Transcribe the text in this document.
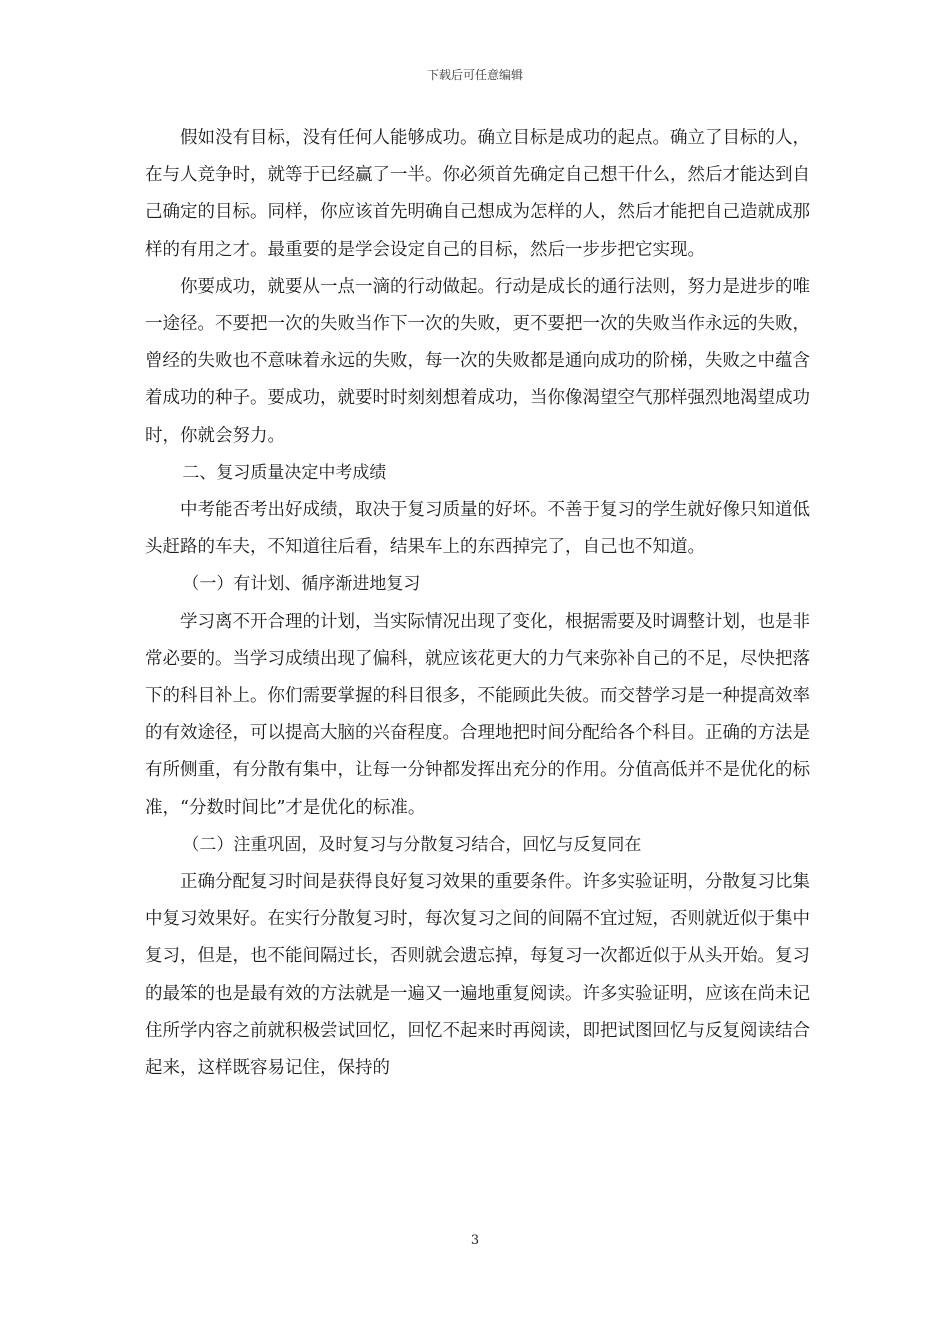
下载后可任意编辑

假如没有目标，没有任何人能够成功。确立目标是成功的起点。确立了目标的人，在与人竞争时，就等于已经赢了一半。你必须首先确定自己想干什么，然后才能达到自己确定的目标。同样，你应该首先明确自己想成为怎样的人，然后才能把自己造就成那样的有用之才。最重要的是学会设定自己的目标，然后一步步把它实现。

你要成功，就要从一点一滴的行动做起。行动是成长的通行法则，努力是进步的唯一途径。不要把一次的失败当作下一次的失败，更不要把一次的失败当作永远的失败，曾经的失败也不意味着永远的失败，每一次的失败都是通向成功的阶梯，失败之中蕴含着成功的种子。要成功，就要时时刻刻想着成功，当你像渴望空气那样强烈地渴望成功时，你就会努力。

二、复习质量决定中考成绩

中考能否考出好成绩，取决于复习质量的好坏。不善于复习的学生就好像只知道低头赶路的车夫，不知道往后看，结果车上的东西掉完了，自己也不知道。

（一）有计划、循序渐进地复习

学习离不开合理的计划，当实际情况出现了变化，根据需要及时调整计划，也是非常必要的。当学习成绩出现了偏科，就应该花更大的力气来弥补自己的不足，尽快把落下的科目补上。你们需要掌握的科目很多，不能顾此失彼。而交替学习是一种提高效率的有效途径，可以提高大脑的兴奋程度。合理地把时间分配给各个科目。正确的方法是有所侧重，有分散有集中，让每一分钟都发挥出充分的作用。分值高低并不是优化的标准，“分数时间比”才是优化的标准。

（二）注重巩固，及时复习与分散复习结合，回忆与反复同在

正确分配复习时间是获得良好复习效果的重要条件。许多实验证明，分散复习比集中复习效果好。在实行分散复习时，每次复习之间的间隔不宜过短，否则就近似于集中复习，但是，也不能间隔过长，否则就会遗忘掉，每复习一次都近似于从头开始。复习的最笨的也是最有效的方法就是一遍又一遍地重复阅读。许多实验证明，应该在尚未记住所学内容之前就积极尝试回忆，回忆不起来时再阅读，即把试图回忆与反复阅读结合起来，这样既容易记住，保持的

3
